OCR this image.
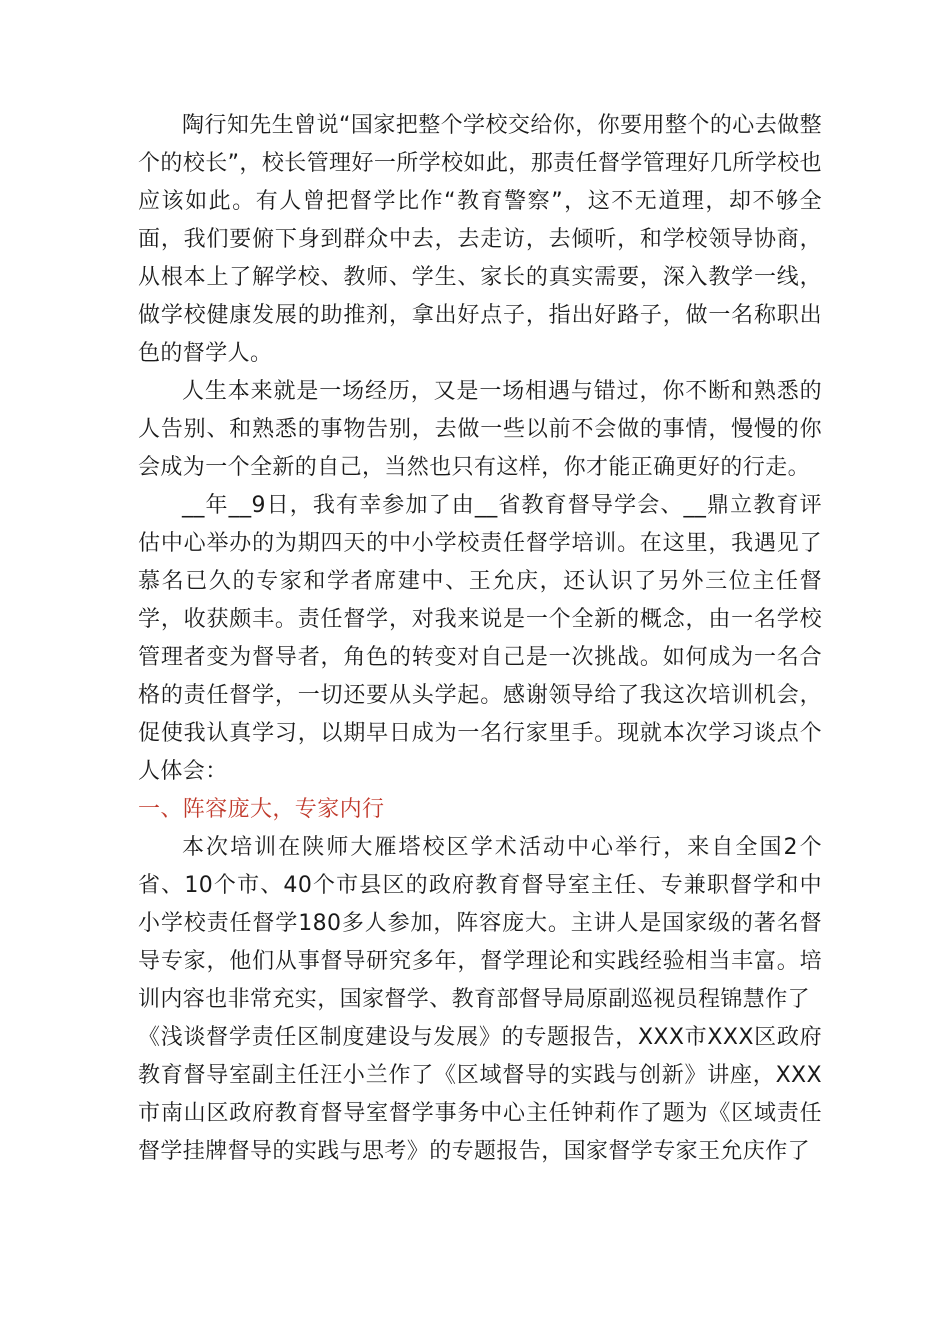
陶行知先生曾说“国家把整个学校交给你，你要用整个的心去做整个的校长”，校长管理好一所学校如此，那责任督学管理好几所学校也应该如此。有人曾把督学比作“教育警察”，这不无道理，却不够全面，我们要俯下身到群众中去，去走访，去倾听，和学校领导协商，从根本上了解学校、教师、学生、家长的真实需要，深入教学一线，做学校健康发展的助推剂，拿出好点子，指出好路子，做一名称职出色的督学人。

人生本来就是一场经历，又是一场相遇与错过，你不断和熟悉的人告别、和熟悉的事物告别，去做一些以前不会做的事情，慢慢的你会成为一个全新的自己，当然也只有这样，你才能正确更好的行走。

__年__9日，我有幸参加了由__省教育督导学会、__鼎立教育评估中心举办的为期四天的中小学校责任督学培训。在这里，我遇见了慕名已久的专家和学者席建中、王允庆，还认识了另外三位主任督学，收获颇丰。责任督学，对我来说是一个全新的概念，由一名学校管理者变为督导者，角色的转变对自己是一次挑战。如何成为一名合格的责任督学，一切还要从头学起。感谢领导给了我这次培训机会，促使我认真学习，以期早日成为一名行家里手。现就本次学习谈点个人体会：

一、阵容庞大，专家内行

本次培训在陕师大雁塔校区学术活动中心举行，来自全国2个省、10个市、40个市县区的政府教育督导室主任、专兼职督学和中小学校责任督学180多人参加，阵容庞大。主讲人是国家级的著名督导专家，他们从事督导研究多年，督学理论和实践经验相当丰富。培训内容也非常充实，国家督学、教育部督导局原副巡视员程锦慧作了

《浅谈督学责任区制度建设与发展》的专题报告，XXX市XXX区政府教育督导室副主任汪小兰作了《区域督导的实践与创新》讲座，XXX市南山区政府教育督导室督学事务中心主任钟莉作了题为《区域责任督学挂牌督导的实践与思考》的专题报告，国家督学专家王允庆作了
